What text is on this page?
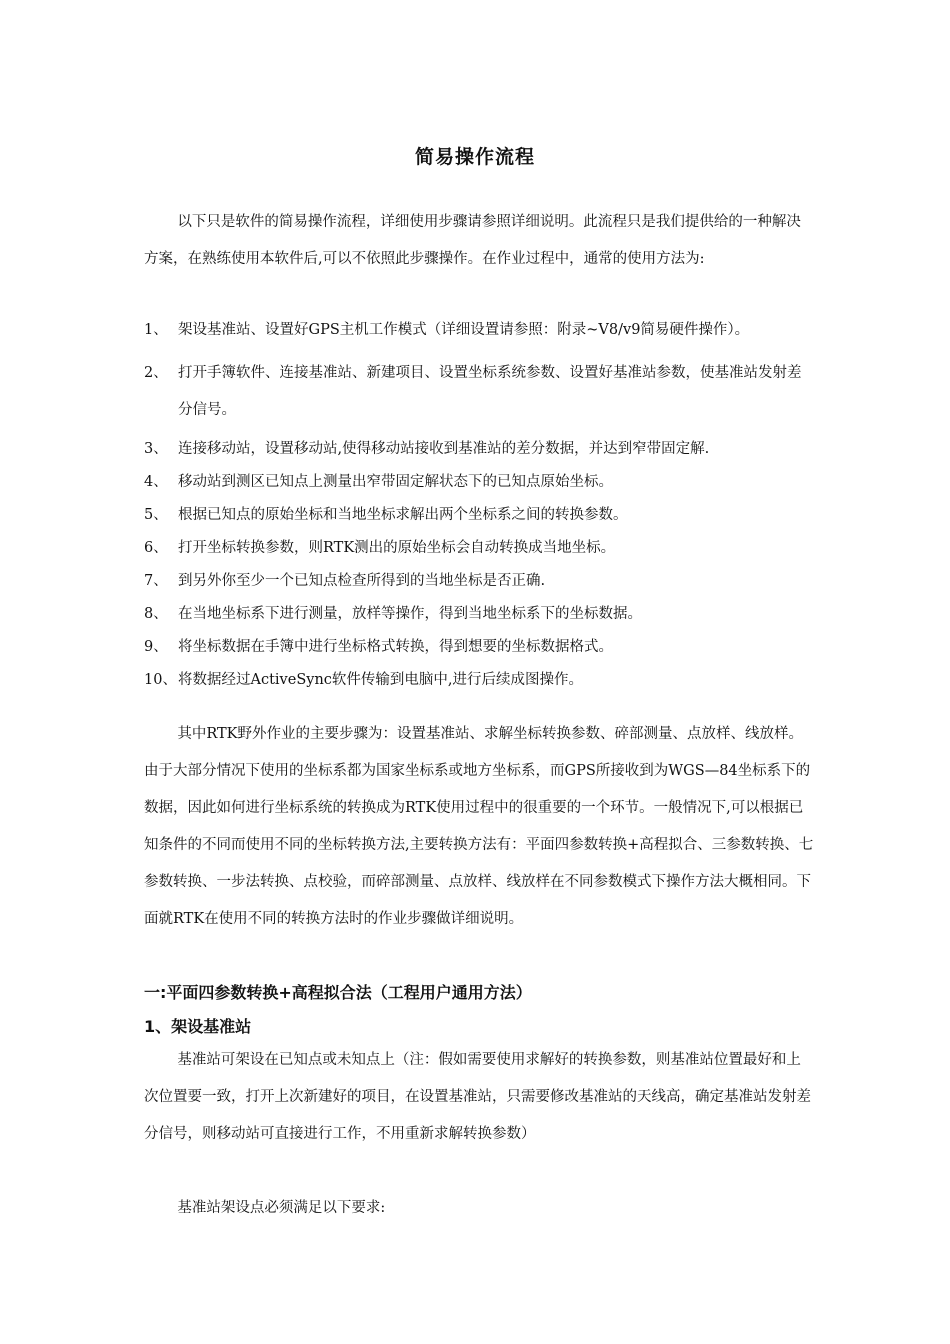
简易操作流程

以下只是软件的简易操作流程，详细使用步骤请参照详细说明。此流程只是我们提供给的一种解决方案，在熟练使用本软件后,可以不依照此步骤操作。在作业过程中，通常的使用方法为:

1、 架设基准站、设置好GPS主机工作模式（详细设置请参照：附录~V8/v9简易硬件操作）。
2、 打开手簿软件、连接基准站、新建项目、设置坐标系统参数、设置好基准站参数，使基准站发射差分信号。
3、 连接移动站，设置移动站,使得移动站接收到基准站的差分数据，并达到窄带固定解.
4、 移动站到测区已知点上测量出窄带固定解状态下的已知点原始坐标。
5、 根据已知点的原始坐标和当地坐标求解出两个坐标系之间的转换参数。
6、 打开坐标转换参数，则RTK测出的原始坐标会自动转换成当地坐标。
7、 到另外你至少一个已知点检查所得到的当地坐标是否正确.
8、 在当地坐标系下进行测量，放样等操作，得到当地坐标系下的坐标数据。
9、 将坐标数据在手簿中进行坐标格式转换，得到想要的坐标数据格式。
10、 将数据经过ActiveSync软件传输到电脑中,进行后续成图操作。

其中RTK野外作业的主要步骤为：设置基准站、求解坐标转换参数、碎部测量、点放样、线放样。由于大部分情况下使用的坐标系都为国家坐标系或地方坐标系，而GPS所接收到为WGS—84坐标系下的数据，因此如何进行坐标系统的转换成为RTK使用过程中的很重要的一个环节。一般情况下,可以根据已知条件的不同而使用不同的坐标转换方法,主要转换方法有：平面四参数转换+高程拟合、三参数转换、七参数转换、一步法转换、点校验，而碎部测量、点放样、线放样在不同参数模式下操作方法大概相同。下面就RTK在使用不同的转换方法时的作业步骤做详细说明。

一:平面四参数转换+高程拟合法（工程用户通用方法）
1、架设基准站

基准站可架设在已知点或未知点上（注：假如需要使用求解好的转换参数，则基准站位置最好和上次位置要一致，打开上次新建好的项目，在设置基准站，只需要修改基准站的天线高，确定基准站发射差分信号，则移动站可直接进行工作，不用重新求解转换参数）

基准站架设点必须满足以下要求:
